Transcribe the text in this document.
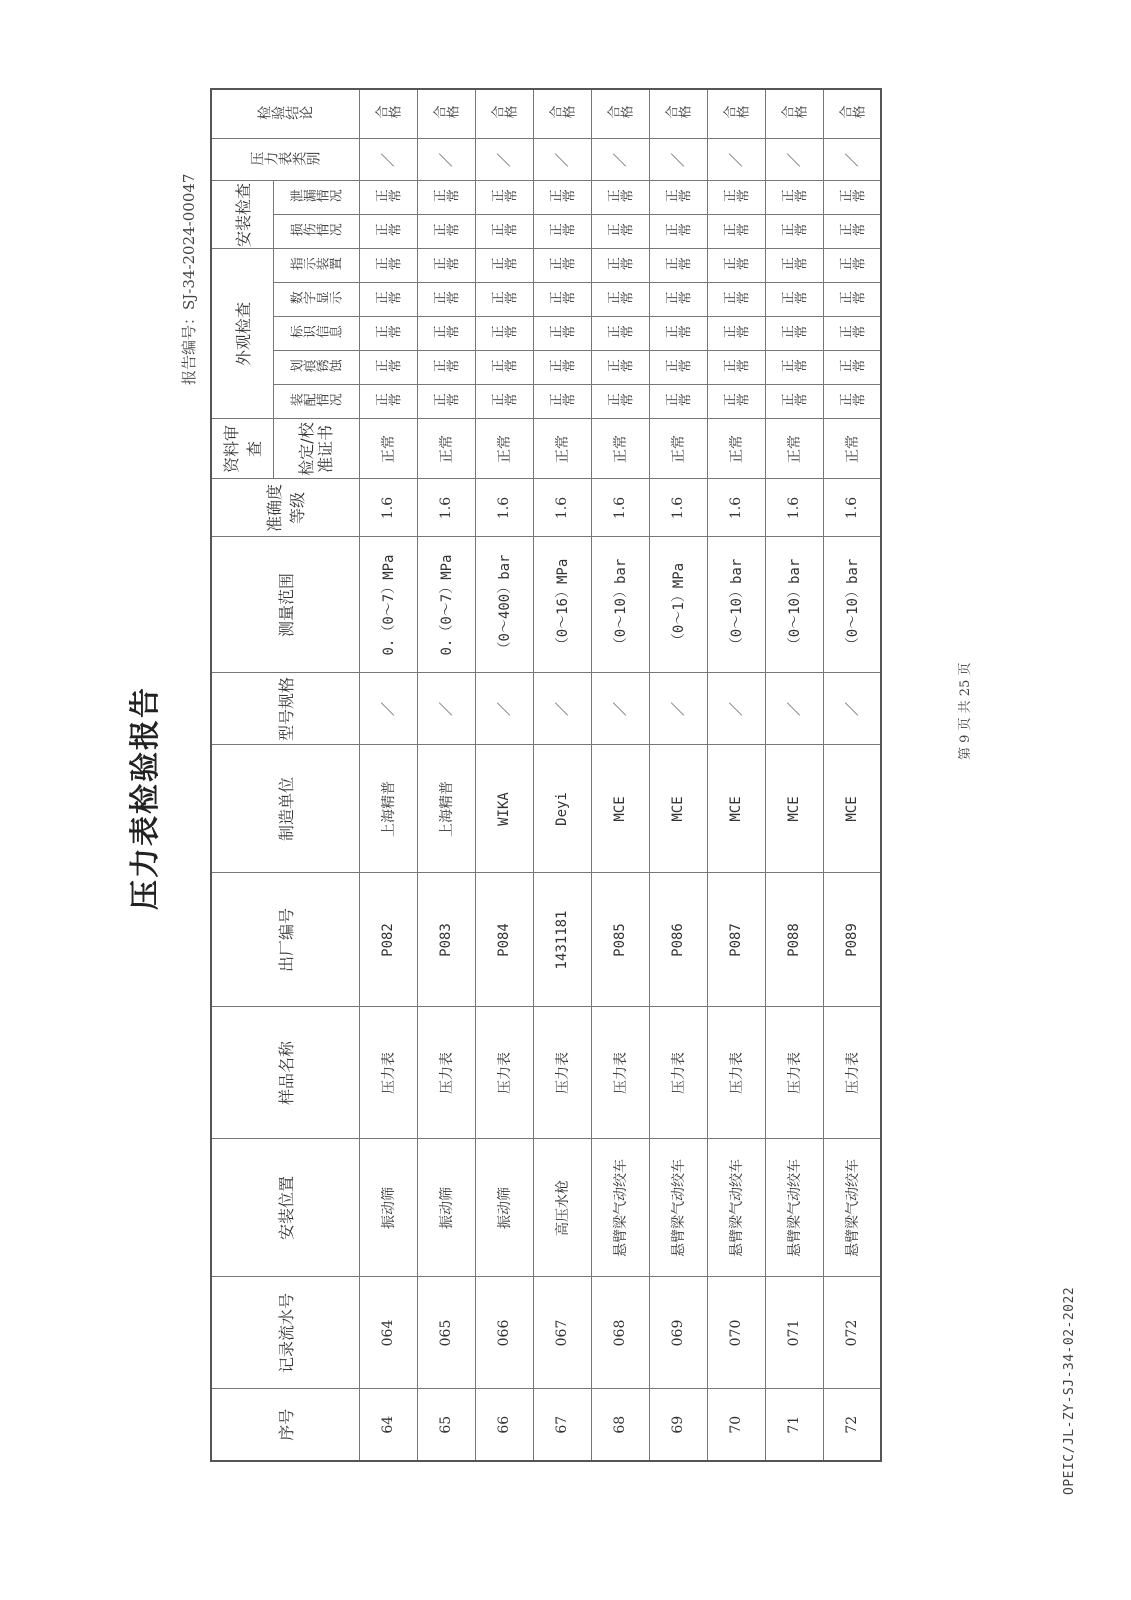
OPEIC/JL-ZY-SJ-34-02-2022
压力表检验报告
报告编号：SJ-34-2024-00047
序号	记录流水号	安装位置	样品名称	出厂编号	制造单位	型号规格	测量范围	准确度等级	资料审查	外观检查					安装检查		压力表类别	检验结论

									检定/校准证书	装配情况	划痕锈蚀	标识信息	数字显示	指示装置	损伤情况	泄漏情况		

64	064	振动筛	压力表	P082	上海精普	／	0.（0～7）MPa	1.6	正常	正常	正常	正常	正常	正常	正常	正常	／	合格

65	065	振动筛	压力表	P083	上海精普	／	0.（0～7）MPa	1.6	正常	正常	正常	正常	正常	正常	正常	正常	／	合格

66	066	振动筛	压力表	P084	WIKA	／	（0～400）bar	1.6	正常	正常	正常	正常	正常	正常	正常	正常	／	合格

67	067	高压水枪	压力表	1431181	Deyi	／	（0～16）MPa	1.6	正常	正常	正常	正常	正常	正常	正常	正常	／	合格

68	068	悬臂梁气动绞车	压力表	P085	MCE	／	（0～10）bar	1.6	正常	正常	正常	正常	正常	正常	正常	正常	／	合格

69	069	悬臂梁气动绞车	压力表	P086	MCE	／	（0～1）MPa	1.6	正常	正常	正常	正常	正常	正常	正常	正常	／	合格

70	070	悬臂梁气动绞车	压力表	P087	MCE	／	（0～10）bar	1.6	正常	正常	正常	正常	正常	正常	正常	正常	／	合格

71	071	悬臂梁气动绞车	压力表	P088	MCE	／	（0～10）bar	1.6	正常	正常	正常	正常	正常	正常	正常	正常	／	合格

72	072	悬臂梁气动绞车	压力表	P089	MCE	／	（0～10）bar	1.6	正常	正常	正常	正常	正常	正常	正常	正常	／	合格
第 9 页 共 25 页
